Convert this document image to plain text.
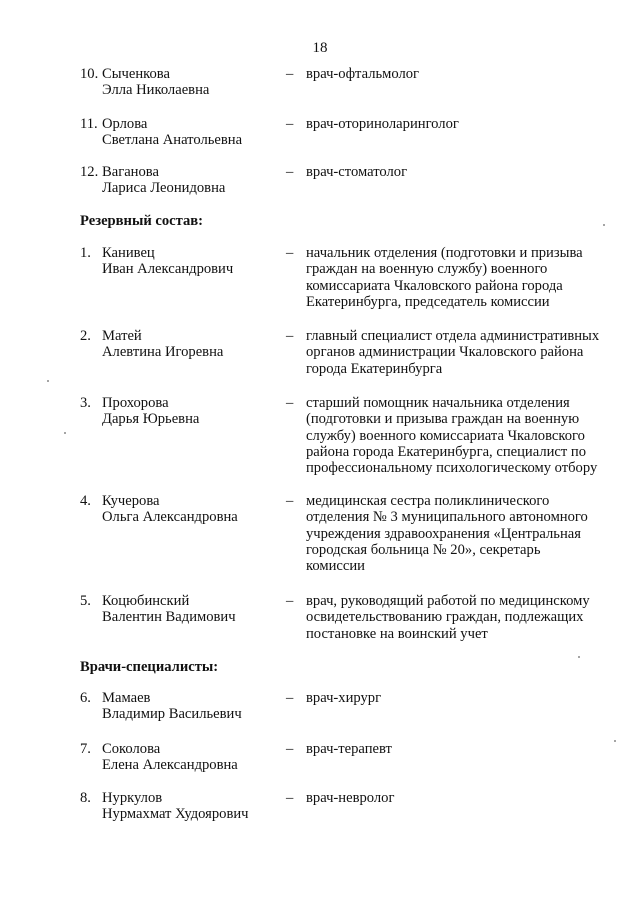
18
10. Сыченкова
Элла Николаевна
– врач-офтальмолог
11. Орлова
Светлана Анатольевна
– врач-оториноларинголог
12. Ваганова
Лариса Леонидовна
– врач-стоматолог
Резервный состав:
1. Канивец
Иван Александрович
– начальник отделения (подготовки и призыва
граждан на военную службу) военного
комиссариата Чкаловского района города
Екатеринбурга, председатель комиссии
2. Матей
Алевтина Игоревна
– главный специалист отдела административных
органов администрации Чкаловского района
города Екатеринбурга
3. Прохорова
Дарья Юрьевна
– старший помощник начальника отделения
(подготовки и призыва граждан на военную
службу) военного комиссариата Чкаловского
района города Екатеринбурга, специалист по
профессиональному психологическому отбору
4. Кучерова
Ольга Александровна
– медицинская сестра поликлинического
отделения № 3 муниципального автономного
учреждения здравоохранения «Центральная
городская больница № 20», секретарь
комиссии
5. Коцюбинский
Валентин Вадимович
– врач, руководящий работой по медицинскому
освидетельствованию граждан, подлежащих
постановке на воинский учет
Врачи-специалисты:
6. Мамаев
Владимир Васильевич
– врач-хирург
7. Соколова
Елена Александровна
– врач-терапевт
8. Нуркулов
Нурмахмат Худоярович
– врач-невролог
